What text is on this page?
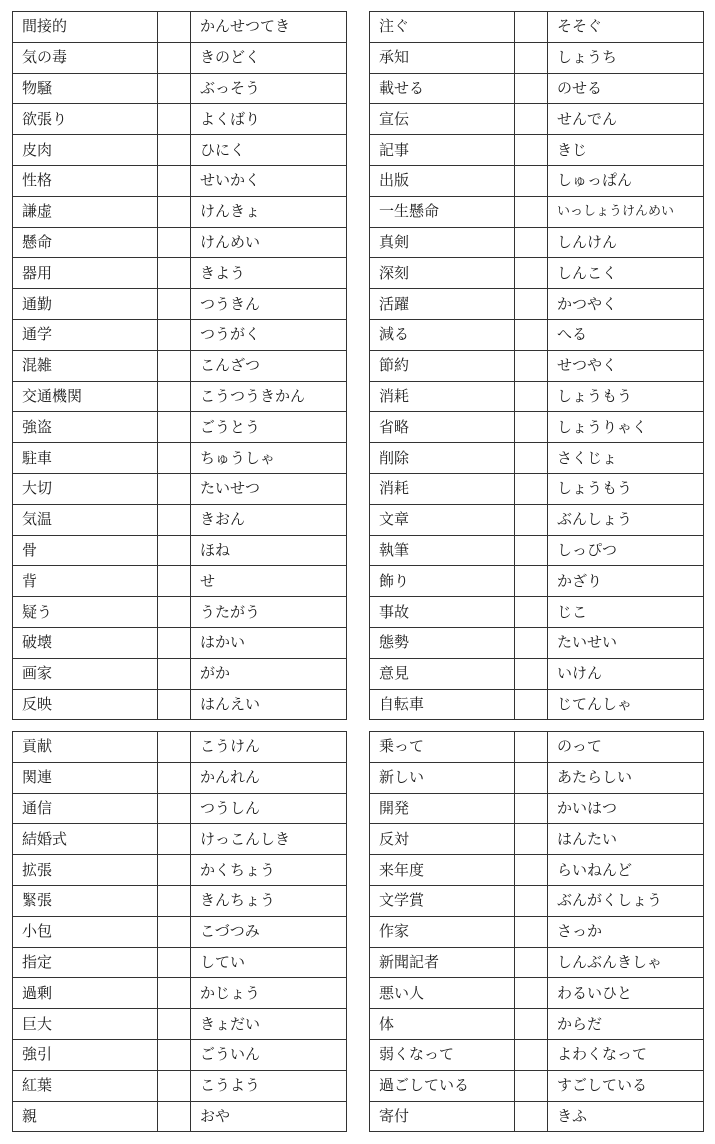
間接的		かんせつてき
気の毒		きのどく
物騒		ぶっそう
欲張り		よくばり
皮肉		ひにく
性格		せいかく
謙虚		けんきょ
懸命		けんめい
器用		きよう
通勤		つうきん
通学		つうがく
混雑		こんざつ
交通機関		こうつうきかん
強盗		ごうとう
駐車		ちゅうしゃ
大切		たいせつ
気温		きおん
骨		ほね
背		せ
疑う		うたがう
破壊		はかい
画家		がか
反映		はんえい
注ぐ		そそぐ
承知		しょうち
載せる		のせる
宣伝		せんでん
記事		きじ
出版		しゅっぱん
一生懸命		いっしょうけんめい
真剣		しんけん
深刻		しんこく
活躍		かつやく
減る		へる
節約		せつやく
消耗		しょうもう
省略		しょうりゃく
削除		さくじょ
消耗		しょうもう
文章		ぶんしょう
執筆		しっぴつ
飾り		かざり
事故		じこ
態勢		たいせい
意見		いけん
自転車		じてんしゃ
貢献		こうけん
関連		かんれん
通信		つうしん
結婚式		けっこんしき
拡張		かくちょう
緊張		きんちょう
小包		こづつみ
指定		してい
過剰		かじょう
巨大		きょだい
強引		ごういん
紅葉		こうよう
親		おや
乗って		のって
新しい		あたらしい
開発		かいはつ
反対		はんたい
来年度		らいねんど
文学賞		ぶんがくしょう
作家		さっか
新聞記者		しんぶんきしゃ
悪い人		わるいひと
体		からだ
弱くなって		よわくなって
過ごしている		すごしている
寄付		きふ
